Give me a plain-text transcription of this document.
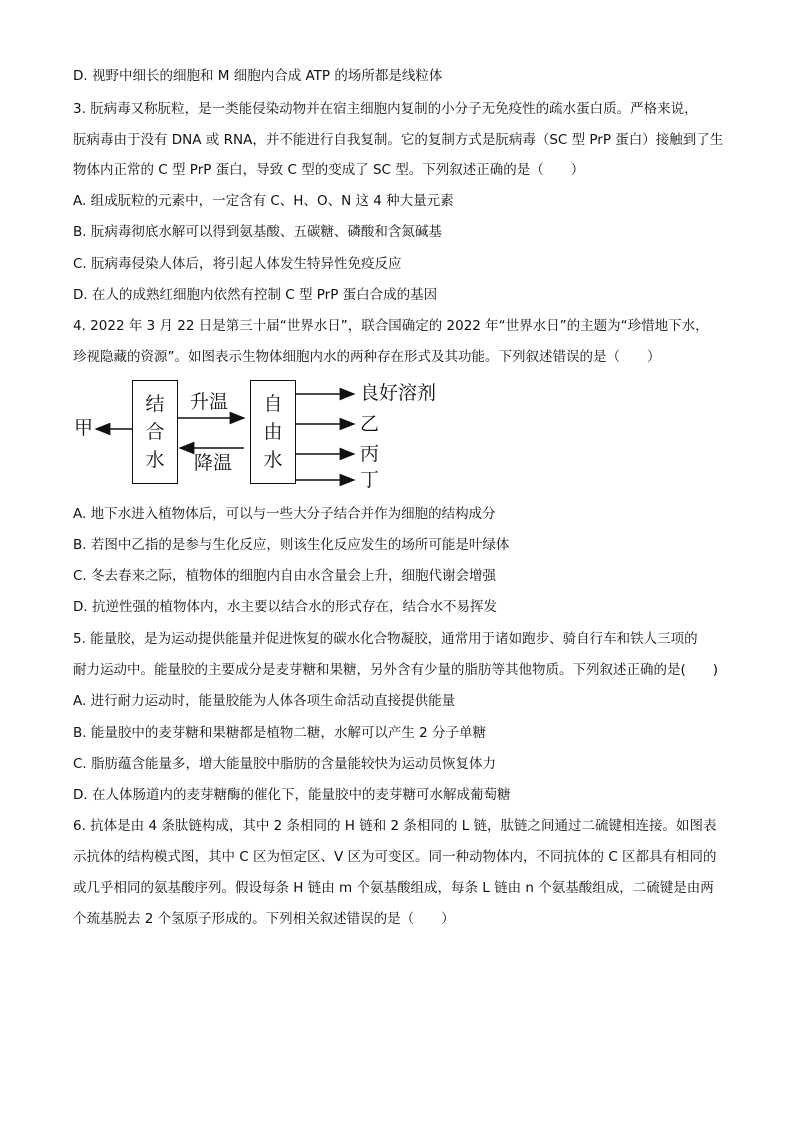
D. 视野中细长的细胞和 M 细胞内合成 ATP 的场所都是线粒体
3. 朊病毒又称朊粒，是一类能侵染动物并在宿主细胞内复制的小分子无免疫性的疏水蛋白质。严格来说，
朊病毒由于没有 DNA 或 RNA，并不能进行自我复制。它的复制方式是朊病毒（SC 型 PrP 蛋白）接触到了生
物体内正常的 C 型 PrP 蛋白，导致 C 型的变成了 SC 型。下列叙述正确的是（　　）
A. 组成朊粒的元素中，一定含有 C、H、O、N 这 4 种大量元素
B. 朊病毒彻底水解可以得到氨基酸、五碳糖、磷酸和含氮碱基
C. 朊病毒侵染人体后，将引起人体发生特异性免疫反应
D. 在人的成熟红细胞内依然有控制 C 型 PrP 蛋白合成的基因
4. 2022 年 3 月 22 日是第三十届“世界水日”，联合国确定的 2022 年“世界水日”的主题为“珍惜地下水，
珍视隐藏的资源”。如图表示生物体细胞内水的两种存在形式及其功能。下列叙述错误的是（　　）
结
合
水
自
由
水
甲
升温
降温
良好溶剂
乙
丙
丁
A. 地下水进入植物体后，可以与一些大分子结合并作为细胞的结构成分
B. 若图中乙指的是参与生化反应，则该生化反应发生的场所可能是叶绿体
C. 冬去春来之际，植物体的细胞内自由水含量会上升，细胞代谢会增强
D. 抗逆性强的植物体内，水主要以结合水的形式存在，结合水不易挥发
5. 能量胶，是为运动提供能量并促进恢复的碳水化合物凝胶，通常用于诸如跑步、骑自行车和铁人三项的
耐力运动中。能量胶的主要成分是麦芽糖和果糖，另外含有少量的脂肪等其他物质。下列叙述正确的是(　　)
A. 进行耐力运动时，能量胶能为人体各项生命活动直接提供能量
B. 能量胶中的麦芽糖和果糖都是植物二糖，水解可以产生 2 分子单糖
C. 脂肪蕴含能量多，增大能量胶中脂肪的含量能较快为运动员恢复体力
D. 在人体肠道内的麦芽糖酶的催化下，能量胶中的麦芽糖可水解成葡萄糖
6. 抗体是由 4 条肽链构成，其中 2 条相同的 H 链和 2 条相同的 L 链，肽链之间通过二硫键相连接。如图表
示抗体的结构模式图，其中 C 区为恒定区、V 区为可变区。同一种动物体内，不同抗体的 C 区都具有相同的
或几乎相同的氨基酸序列。假设每条 H 链由 m 个氨基酸组成，每条 L 链由 n 个氨基酸组成，二硫键是由两
个巯基脱去 2 个氢原子形成的。下列相关叙述错误的是（　　）
